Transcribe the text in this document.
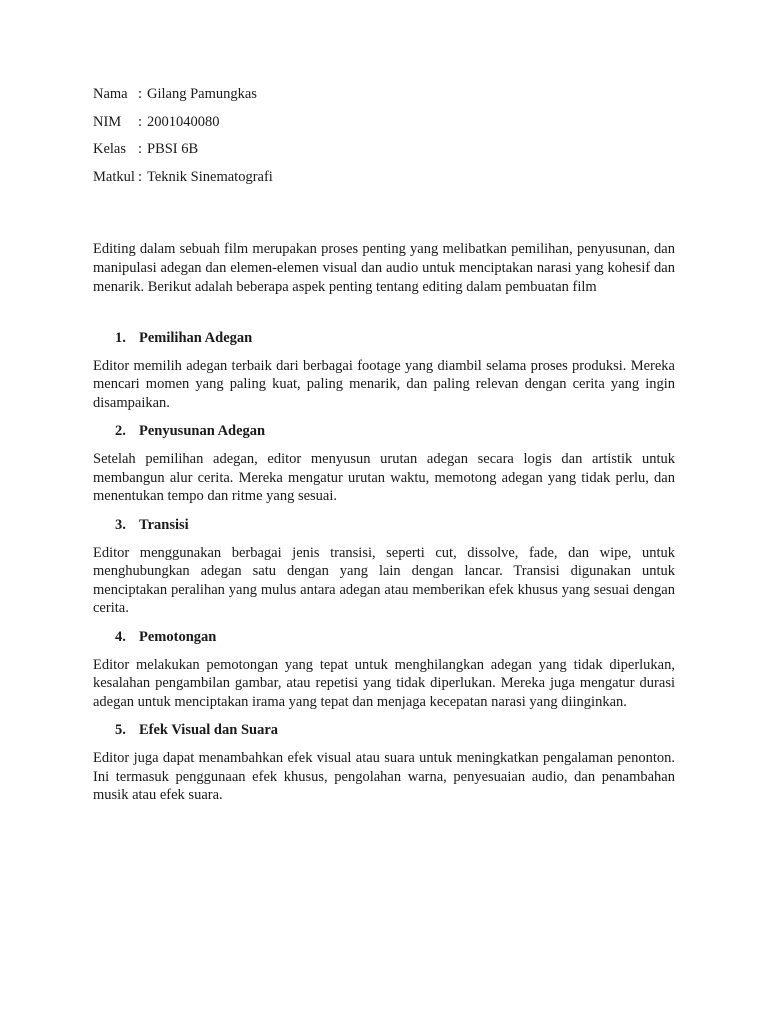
Nama : Gilang Pamungkas
NIM	: 2001040080
Kelas : PBSI 6B
Matkul : Teknik Sinematografi

Editing dalam sebuah film merupakan proses penting yang melibatkan pemilihan, penyusunan, dan manipulasi adegan dan elemen-elemen visual dan audio untuk menciptakan narasi yang kohesif dan menarik. Berikut adalah beberapa aspek penting tentang editing dalam pembuatan film

1. Pemilihan Adegan

Editor memilih adegan terbaik dari berbagai footage yang diambil selama proses produksi. Mereka mencari momen yang paling kuat, paling menarik, dan paling relevan dengan cerita yang ingin disampaikan.

2. Penyusunan Adegan

Setelah pemilihan adegan, editor menyusun urutan adegan secara logis dan artistik untuk membangun alur cerita. Mereka mengatur urutan waktu, memotong adegan yang tidak perlu, dan menentukan tempo dan ritme yang sesuai.

3. Transisi

Editor menggunakan berbagai jenis transisi, seperti cut, dissolve, fade, dan wipe, untuk menghubungkan adegan satu dengan yang lain dengan lancar. Transisi digunakan untuk menciptakan peralihan yang mulus antara adegan atau memberikan efek khusus yang sesuai dengan cerita.

4. Pemotongan

Editor melakukan pemotongan yang tepat untuk menghilangkan adegan yang tidak diperlukan, kesalahan pengambilan gambar, atau repetisi yang tidak diperlukan. Mereka juga mengatur durasi adegan untuk menciptakan irama yang tepat dan menjaga kecepatan narasi yang diinginkan.

5. Efek Visual dan Suara

Editor juga dapat menambahkan efek visual atau suara untuk meningkatkan pengalaman penonton. Ini termasuk penggunaan efek khusus, pengolahan warna, penyesuaian audio, dan penambahan musik atau efek suara.
